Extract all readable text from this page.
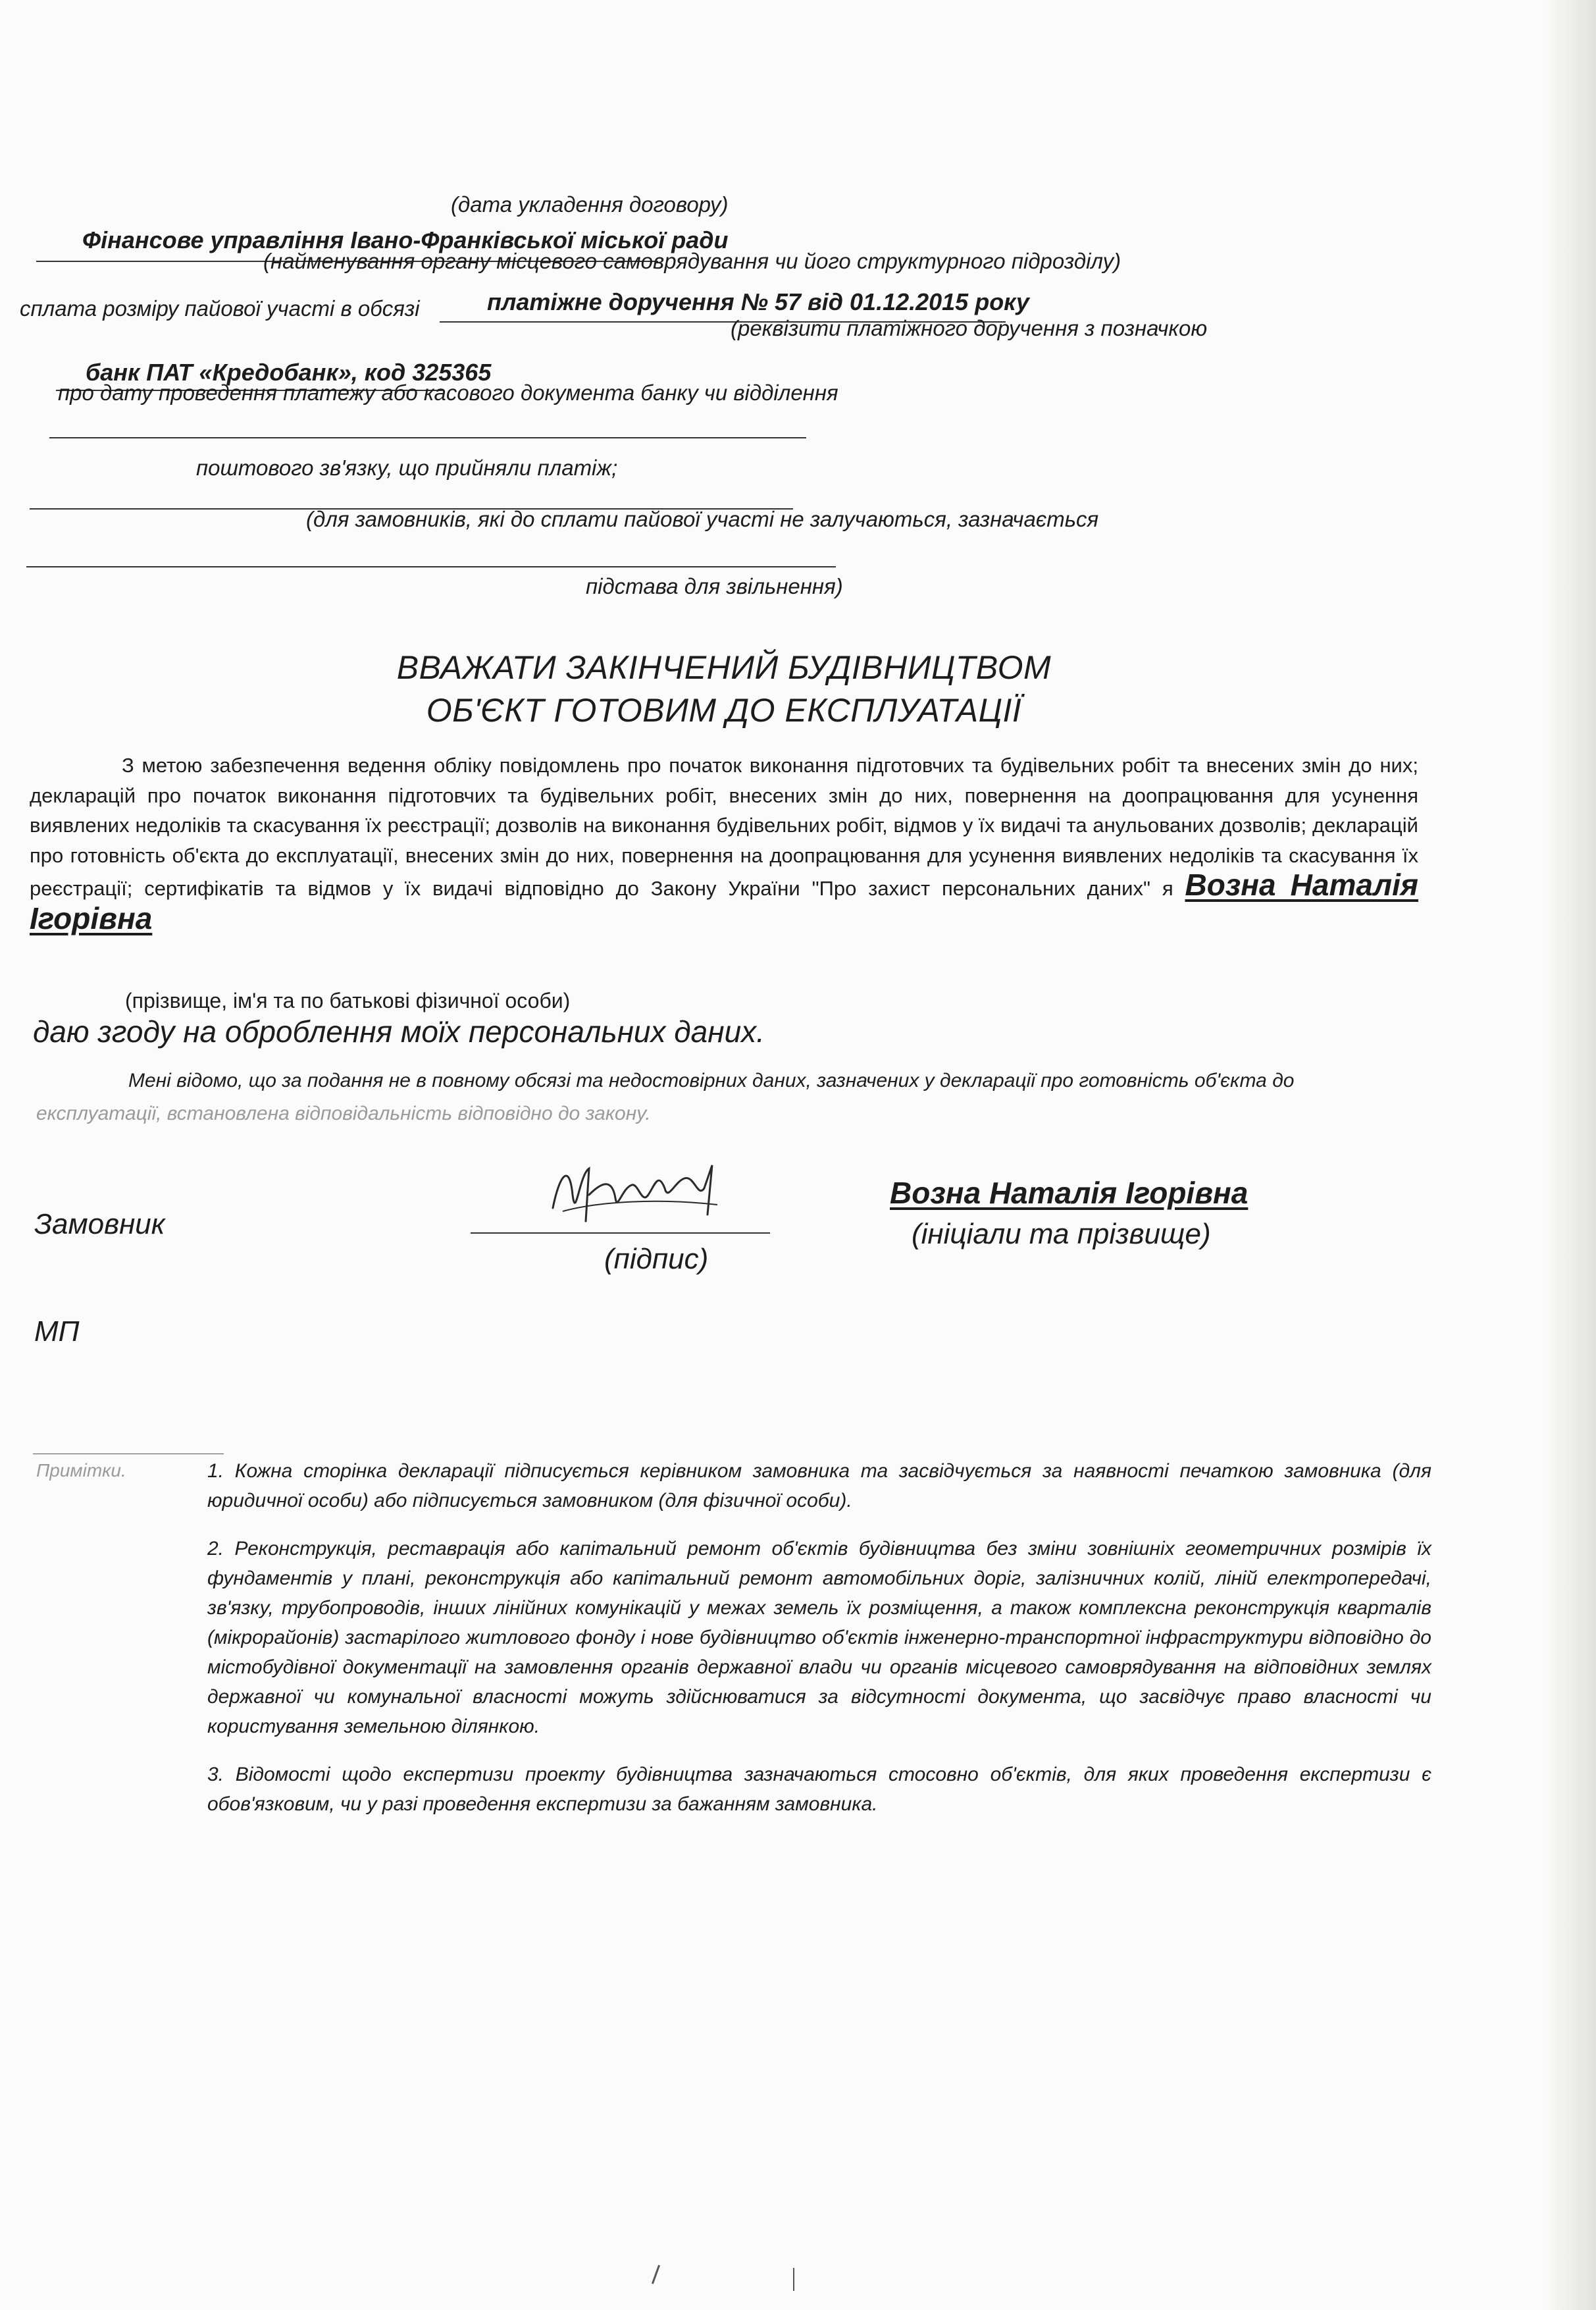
(дата укладення договору)
Фінансове управління Івано-Франківської міської ради
(найменування органу місцевого самоврядування чи його структурного підрозділу)
сплата розміру пайової участі в обсязі	платіжне доручення № 57 від 01.12.2015 року
(реквізити платіжного доручення з позначкою
банк ПАТ «Кредобанк», код 325365
про дату проведення платежу або касового документа банку чи відділення
поштового зв'язку, що прийняли платіж;
(для замовників, які до сплати пайової участі не залучаються, зазначається
підстава для звільнення)
ВВАЖАТИ ЗАКІНЧЕНИЙ БУДІВНИЦТВОМ
ОБ'ЄКТ ГОТОВИМ ДО ЕКСПЛУАТАЦІЇ
З метою забезпечення ведення обліку повідомлень про початок виконання підготовчих та будівельних робіт та внесених змін до них; декларацій про початок виконання підготовчих та будівельних робіт, внесених змін до них, повернення на доопрацювання для усунення виявлених недоліків та скасування їх реєстрації; дозволів на виконання будівельних робіт, відмов у їх видачі та анульованих дозволів; декларацій про готовність об'єкта до експлуатації, внесених змін до них, повернення на доопрацювання для усунення виявлених недоліків та скасування їх реєстрації; сертифікатів та відмов у їх видачі відповідно до Закону України "Про захист персональних даних" я Возна Наталія Ігорівна
(прізвище, ім'я та по батькові фізичної особи)
даю згоду на оброблення моїх персональних даних.
Мені відомо, що за подання не в повному обсязі та недостовірних даних, зазначених у декларації про готовність об'єкта до
експлуатації, встановлена відповідальність відповідно до закону.
Замовник
(підпис)
Возна Наталія Ігорівна
(ініціали та прізвище)
МП
Примітки.	1. Кожна сторінка декларації підписується керівником замовника та засвідчується за наявності печаткою замовника (для юридичної особи) або підписується замовником (для фізичної особи).

2. Реконструкція, реставрація або капітальний ремонт об'єктів будівництва без зміни зовнішніх геометричних розмірів їх фундаментів у плані, реконструкція або капітальний ремонт автомобільних доріг, залізничних колій, ліній електропередачі, зв'язку, трубопроводів, інших лінійних комунікацій у межах земель їх розміщення, а також комплексна реконструкція кварталів (мікрорайонів) застарілого житлового фонду і нове будівництво об'єктів інженерно-транспортної інфраструктури відповідно до містобудівної документації на замовлення органів державної влади чи органів місцевого самоврядування на відповідних землях державної чи комунальної власності можуть здійснюватися за відсутності документа, що засвідчує право власності чи користування земельною ділянкою.

3. Відомості щодо експертизи проекту будівництва зазначаються стосовно об'єктів, для яких проведення експертизи є обов'язковим, чи у разі проведення експертизи за бажанням замовника.
